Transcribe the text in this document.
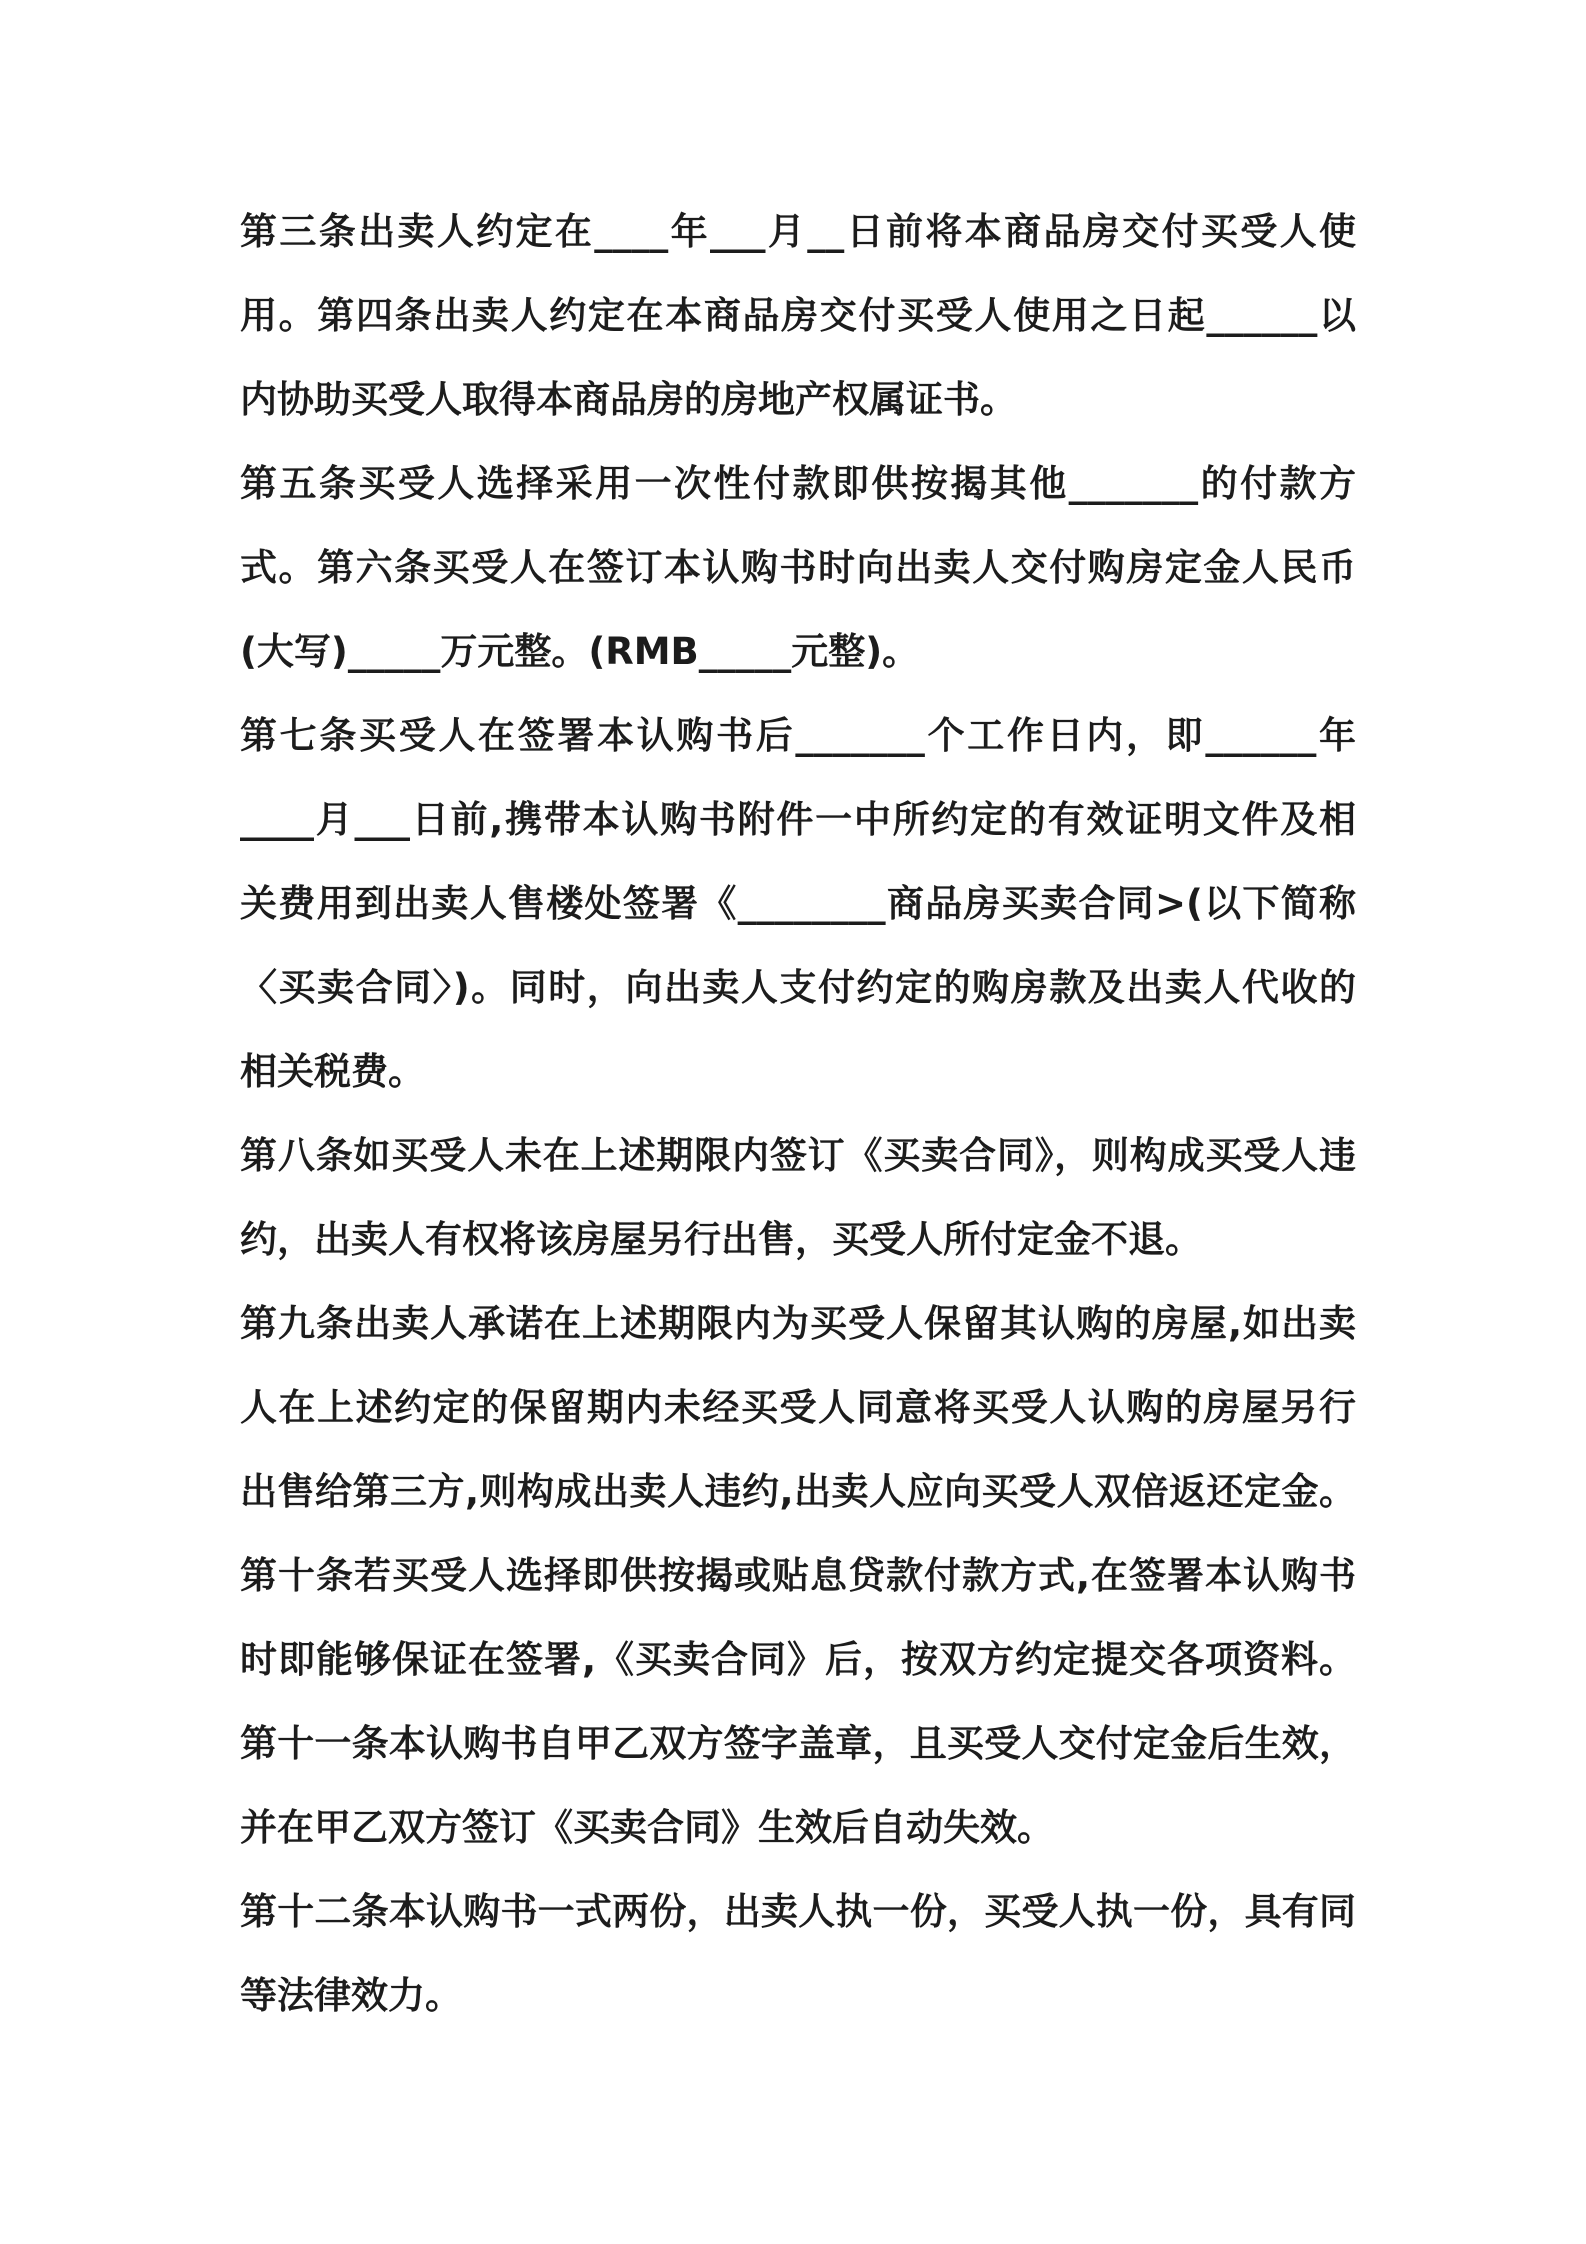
第三条出卖人约定在____年___月__日前将本商品房交付买受人使
用。第四条出卖人约定在本商品房交付买受人使用之日起______以
内协助买受人取得本商品房的房地产权属证书。
第五条买受人选择采用一次性付款即供按揭其他_______的付款方
式。第六条买受人在签订本认购书时向出卖人交付购房定金人民币
(大写)_____万元整。(RMB_____元整)。
第七条买受人在签署本认购书后_______个工作日内，即______年
____月___日前,携带本认购书附件一中所约定的有效证明文件及相
关费用到出卖人售楼处签署《________商品房买卖合同>(以下简称
〈买卖合同〉)。同时，向出卖人支付约定的购房款及出卖人代收的
相关税费。
第八条如买受人未在上述期限内签订《买卖合同》，则构成买受人违
约，出卖人有权将该房屋另行出售，买受人所付定金不退。
第九条出卖人承诺在上述期限内为买受人保留其认购的房屋,如出卖
人在上述约定的保留期内未经买受人同意将买受人认购的房屋另行
出售给第三方,则构成出卖人违约,出卖人应向买受人双倍返还定金。
第十条若买受人选择即供按揭或贴息贷款付款方式,在签署本认购书
时即能够保证在签署,《买卖合同》后，按双方约定提交各项资料。
第十一条本认购书自甲乙双方签字盖章，且买受人交付定金后生效，
并在甲乙双方签订《买卖合同》生效后自动失效。
第十二条本认购书一式两份，出卖人执一份，买受人执一份，具有同
等法律效力。
